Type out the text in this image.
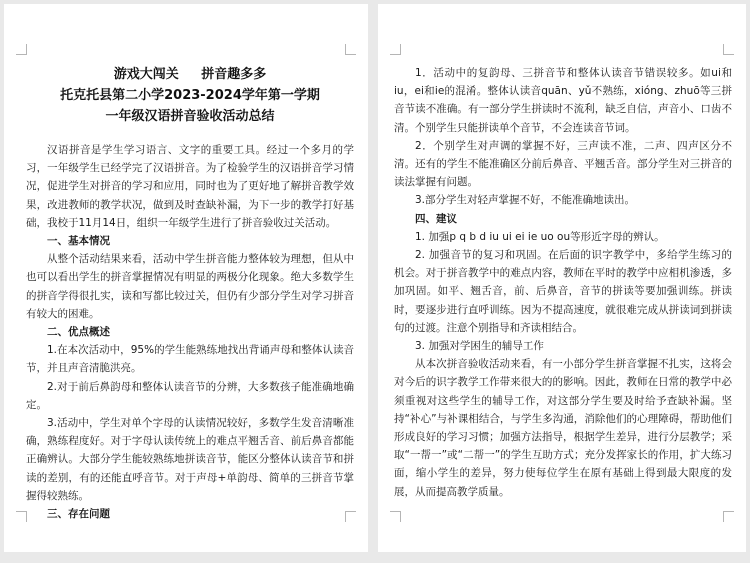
游戏大闯关 拼音趣多多
托克托县第二小学2023-2024学年第一学期
一年级汉语拼音验收活动总结

汉语拼音是学生学习语言、文字的重要工具。经过一个多月的学习，一年级学生已经学完了汉语拼音。为了检验学生的汉语拼音学习情况，促进学生对拼音的学习和应用，同时也为了更好地了解拼音教学效果，改进教师的教学状况，做到及时查缺补漏，为下一步的教学打好基础，我校于11月14日，组织一年级学生进行了拼音验收过关活动。

一、基本情况

从整个活动结果来看，活动中学生拼音能力整体较为理想，但从中也可以看出学生的拼音掌握情况有明显的两极分化现象。绝大多数学生的拼音学得很扎实，读和写都比较过关，但仍有少部分学生对学习拼音有较大的困难。

二、优点概述

1.在本次活动中，95%的学生能熟练地找出背诵声母和整体认读音节，并且声音清脆洪亮。

2.对于前后鼻韵母和整体认读音节的分辨，大多数孩子能准确地确定。

3.活动中，学生对单个字母的认读情况较好，多数学生发音清晰准确，熟练程度好。对于字母认读传统上的难点平翘舌音、前后鼻音都能正确辨认。大部分学生能较熟练地拼读音节，能区分整体认读音节和拼读的差别，有的还能直呼音节。对于声母+单韵母、简单的三拼音节掌握得较熟练。

三、存在问题

1．活动中的复韵母、三拼音节和整体认读音节错误较多。如ui和 iu，ei和ie的混淆。整体认读音quān、yǔ不熟练，xióng、zhuō等三拼音节读不准确。有一部分学生拼读时不流利，缺乏自信，声音小、口齿不清。个别学生只能拼读单个音节，不会连读音节词。

2．个别学生对声调的掌握不好，三声读不准，二声、四声区分不清。还有的学生不能准确区分前后鼻音、平翘舌音。部分学生对三拼音的读法掌握有问题。

3.部分学生对轻声掌握不好，不能准确地读出。

四、建议

1. 加强p q b d iu ui ei ie uo ou等形近字母的辨认。

2. 加强音节的复习和巩固。在后面的识字教学中，多给学生练习的机会。对于拼音教学中的难点内容，教师在平时的教学中应相机渗透，多加巩固。如平、翘舌音，前、后鼻音，音节的拼读等要加强训练。拼读时，要逐步进行直呼训练。因为不提高速度，就很难完成从拼读词到拼读句的过渡。注意个别指导和齐读相结合。

3. 加强对学困生的辅导工作

从本次拼音验收活动来看，有一小部分学生拼音掌握不扎实，这将会对今后的识字教学工作带来很大的的影响。因此，教师在日常的教学中必须重视对这些学生的辅导工作，对这部分学生要及时给予查缺补漏。坚持“补心”与补课相结合，与学生多沟通，消除他们的心理障碍，帮助他们形成良好的学习习惯；加强方法指导，根据学生差异，进行分层教学；采取“一帮一”或“二帮一”的学生互助方式；充分发挥家长的作用，扩大练习面，缩小学生的差异，努力使每位学生在原有基础上得到最大限度的发展，从而提高教学质量。
